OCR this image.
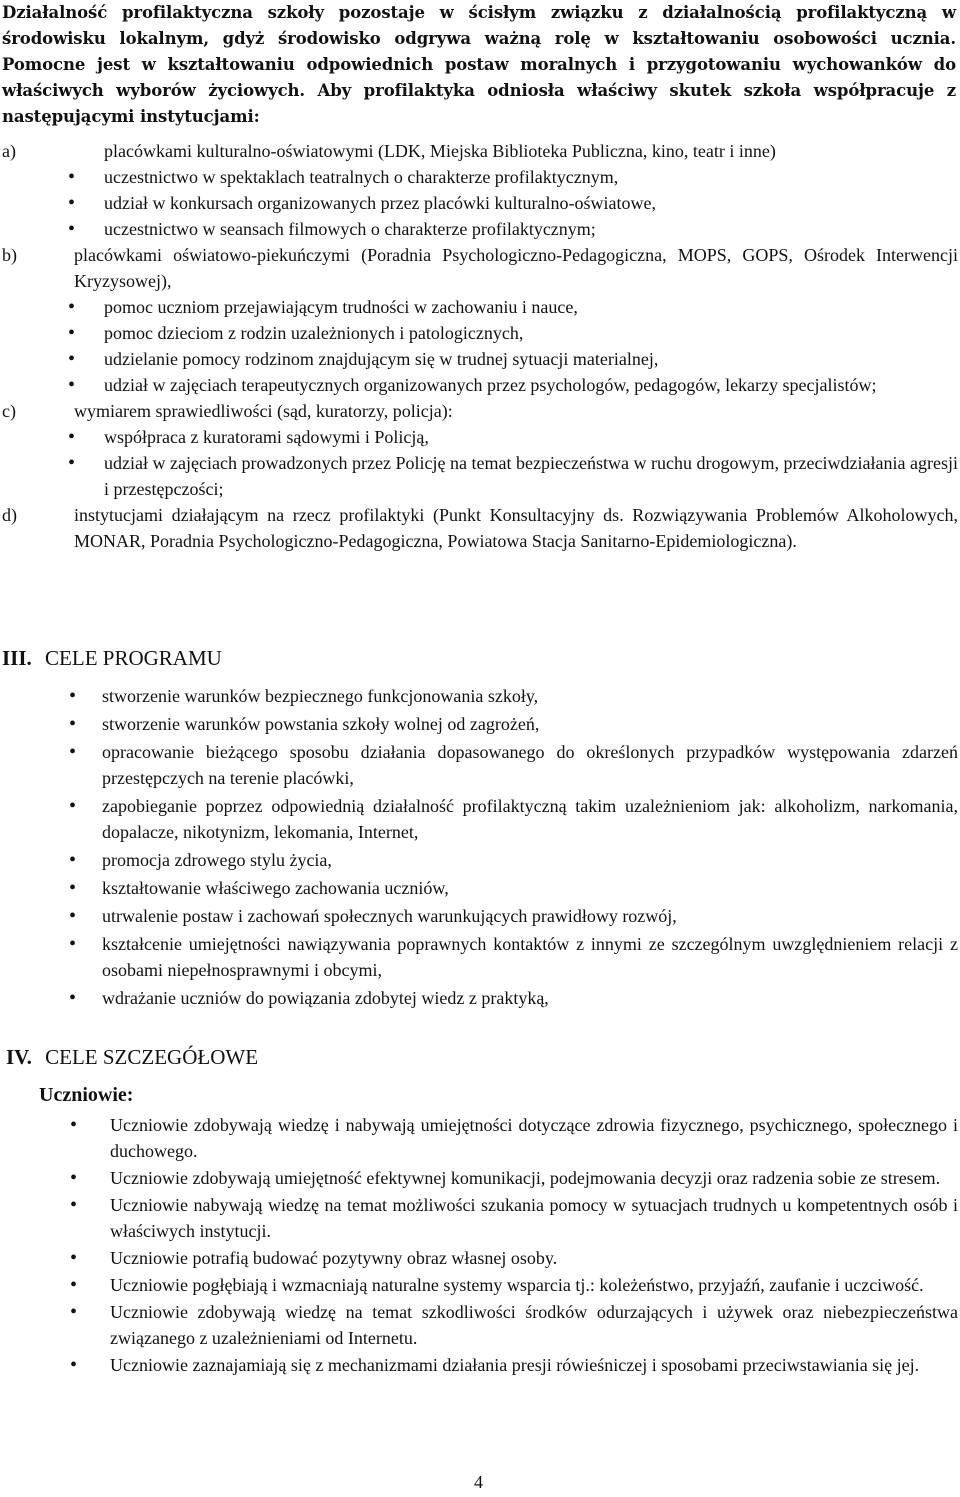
Działalność profilaktyczna szkoły pozostaje w ścisłym związku z działalnością profilaktyczną w środowisku lokalnym, gdyż środowisko odgrywa ważną rolę w kształtowaniu osobowości ucznia. Pomocne jest w kształtowaniu odpowiednich postaw moralnych i przygotowaniu wychowanków do właściwych wyborów życiowych. Aby profilaktyka odniosła właściwy skutek szkoła współpracuje z następującymi instytucjami:
a)	placówkami kulturalno-oświatowymi (LDK, Miejska Biblioteka Publiczna, kino, teatr i inne)
• uczestnictwo w spektaklach teatralnych o charakterze profilaktycznym,
• udział w konkursach organizowanych przez placówki kulturalno-oświatowe,
• uczestnictwo w seansach filmowych o charakterze profilaktycznym;
b)	placówkami oświatowo-piekuńczymi (Poradnia Psychologiczno-Pedagogiczna, MOPS, GOPS, Ośrodek Interwencji Kryzysowej),
• pomoc uczniom przejawiającym trudności w zachowaniu i nauce,
• pomoc dzieciom z rodzin uzależnionych i patologicznych,
• udzielanie pomocy rodzinom znajdującym się w trudnej sytuacji materialnej,
• udział w zajęciach terapeutycznych organizowanych przez psychologów, pedagogów, lekarzy specjalistów;
c)	wymiarem sprawiedliwości (sąd, kuratorzy, policja):
• współpraca z kuratorami sądowymi i Policją,
• udział w zajęciach prowadzonych przez Policję na temat bezpieczeństwa w ruchu drogowym, przeciwdziałania agresji i przestępczości;
d)	instytucjami działającym na rzecz profilaktyki (Punkt Konsultacyjny ds. Rozwiązywania Problemów Alkoholowych, MONAR, Poradnia Psychologiczno-Pedagogiczna, Powiatowa Stacja Sanitarno-Epidemiologiczna).
III. CELE PROGRAMU
• stworzenie warunków bezpiecznego funkcjonowania szkoły,
• stworzenie warunków powstania szkoły wolnej od zagrożeń,
• opracowanie bieżącego sposobu działania dopasowanego do określonych przypadków występowania zdarzeń przestępczych na terenie placówki,
• zapobieganie poprzez odpowiednią działalność profilaktyczną takim uzależnieniom jak: alkoholizm, narkomania, dopalacze, nikotynizm, lekomania, Internet,
• promocja zdrowego stylu życia,
• kształtowanie właściwego zachowania uczniów,
• utrwalenie postaw i zachowań społecznych warunkujących prawidłowy rozwój,
• kształcenie umiejętności nawiązywania poprawnych kontaktów z innymi ze szczególnym uwzględnieniem relacji z osobami niepełnosprawnymi i obcymi,
• wdrażanie uczniów do powiązania zdobytej wiedz z praktyką,
IV. CELE SZCZEGÓŁOWE
Uczniowie:
• Uczniowie zdobywają wiedzę i nabywają umiejętności dotyczące zdrowia fizycznego, psychicznego, społecznego i duchowego.
• Uczniowie zdobywają umiejętność efektywnej komunikacji, podejmowania decyzji oraz radzenia sobie ze stresem.
• Uczniowie nabywają wiedzę na temat możliwości szukania pomocy w sytuacjach trudnych u kompetentnych osób i właściwych instytucji.
• Uczniowie potrafią budować pozytywny obraz własnej osoby.
• Uczniowie pogłębiają i wzmacniają naturalne systemy wsparcia tj.: koleżeństwo, przyjaźń, zaufanie i uczciwość.
• Uczniowie zdobywają wiedzę na temat szkodliwości środków odurzających i używek oraz niebezpieczeństwa związanego z uzależnieniami od Internetu.
• Uczniowie zaznajamiają się z mechanizmami działania presji rówieśniczej i sposobami przeciwstawiania się jej.
4
